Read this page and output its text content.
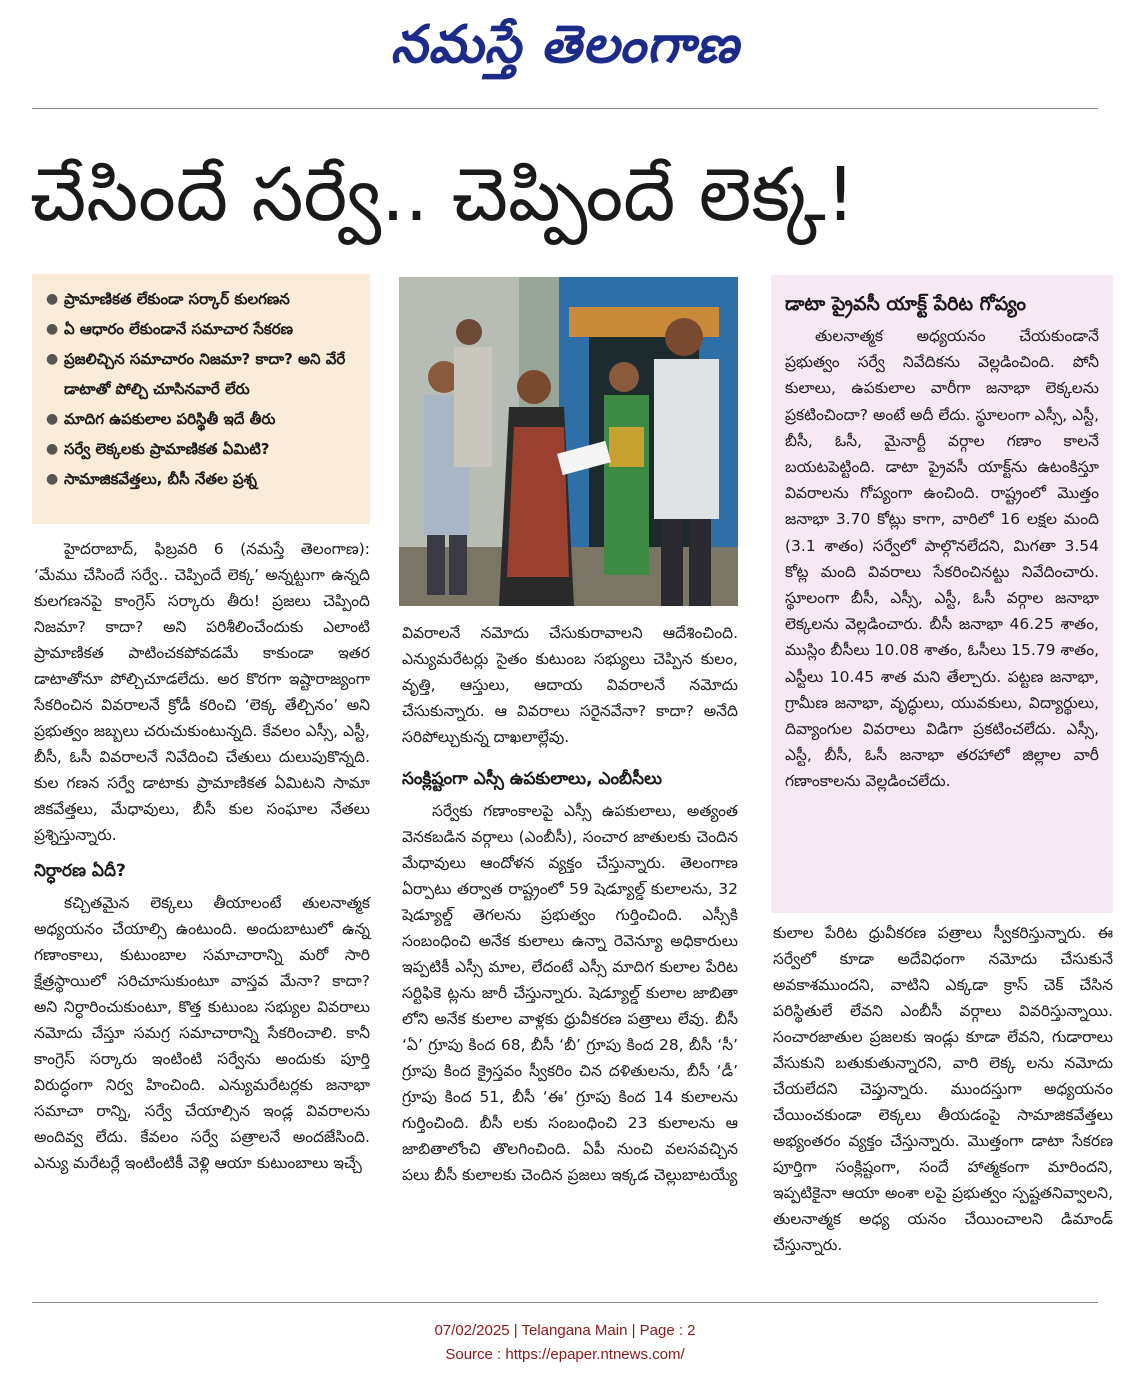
నమస్తే తెలంగాణ
చేసిందే సర్వే.. చెప్పిందే లెక్క!
● ప్రామాణికత లేకుండా సర్కార్ కులగణన
● ఏ ఆధారం లేకుండానే సమాచార సేకరణ
● ప్రజలిచ్చిన సమాచారం నిజమా? కాదా? అని వేరే డాటాతో పోల్చి చూసినవారే లేరు
● మాదిగ ఉపకులాల పరిస్థితీ ఇదే తీరు
● సర్వే లెక్కలకు ప్రామాణికత ఏమిటి?
● సామాజికవేత్తలు, బీసీ నేతల ప్రశ్న

హైదరాబాద్, ఫిబ్రవరి 6 (నమస్తే తెలంగాణ): ‘మేము చేసిందే సర్వే.. చెప్పిందే లెక్క’ అన్నట్టుగా ఉన్నది కులగణనపై కాంగ్రెస్ సర్కారు తీరు! ప్రజలు చెప్పింది నిజమా? కాదా? అని పరిశీలించేందుకు ఎలాంటి ప్రామాణికత పాటించకపోవడమే కాకుండా ఇతర డాటాతోనూ పోల్చిచూడలేదు. అర కొరగా ఇష్టారాజ్యంగా సేకరించిన వివరాలనే క్రోడీ కరించి ‘లెక్క తేల్చినం’ అని ప్రభుత్వం జబ్బలు చరుచుకుంటున్నది. కేవలం ఎస్సీ, ఎస్టీ, బీసీ, ఓసీ వివరాలనే నివేదించి చేతులు దులుపుకొన్నది. కుల గణన సర్వే డాటాకు ప్రామాణికత ఏమిటని సామా జికవేత్తలు, మేధావులు, బీసీ కుల సంఘాల నేతలు ప్రశ్నిస్తున్నారు.

నిర్ధారణ ఏదీ?

కచ్చితమైన లెక్కలు తీయాలంటే తులనాత్మక అధ్యయనం చేయాల్సి ఉంటుంది. అందుబాటులో ఉన్న గణాంకాలు, కుటుంబాల సమాచారాన్ని మరో సారి క్షేత్రస్థాయిలో సరిచూసుకుంటూ వాస్తవ మేనా? కాదా? అని నిర్ధారించుకుంటూ, కొత్త కుటుంబ సభ్యుల వివరాలు నమోదు చేస్తూ సమగ్ర సమాచారాన్ని సేకరించాలి. కానీ కాంగ్రెస్ సర్కారు ఇంటింటి సర్వేను అందుకు పూర్తి విరుద్ధంగా నిర్వ హించింది. ఎన్యుమరేటర్లకు జనాభా సమాచా రాన్ని, సర్వే చేయాల్సిన ఇండ్ల వివరాలను అందివ్వ లేదు. కేవలం సర్వే పత్రాలనే అందజేసింది. ఎన్యు మరేటర్లే ఇంటింటికీ వెళ్లి ఆయా కుటుంబాలు ఇచ్చే

వివరాలనే నమోదు చేసుకురావాలని ఆదేశించింది. ఎన్యుమరేటర్లు సైతం కుటుంబ సభ్యులు చెప్పిన కులం, వృత్తి, ఆస్తులు, ఆదాయ వివరాలనే నమోదు చేసుకున్నారు. ఆ వివరాలు సరైనవేనా? కాదా? అనేది సరిపోల్చుకున్న దాఖలాల్లేవు.

సంక్లిష్టంగా ఎస్సీ ఉపకులాలు, ఎంబీసీలు

సర్వేకు గణాంకాలపై ఎస్సీ ఉపకులాలు, అత్యంత వెనకబడిన వర్గాలు (ఎంబీసీ), సంచార జాతులకు చెందిన మేధావులు ఆందోళన వ్యక్తం చేస్తున్నారు. తెలంగాణ ఏర్పాటు తర్వాత రాష్ట్రంలో 59 షెడ్యూల్డ్ కులాలను, 32 షెడ్యూల్డ్ తెగలను ప్రభుత్వం గుర్తించింది. ఎస్సీకి సంబంధించి అనేక కులాలు ఉన్నా రెవెన్యూ అధికారులు ఇప్పటికీ ఎస్సీ మాల, లేదంటే ఎస్సీ మాదిగ కులాల పేరిట సర్టిఫికె ట్లను జారీ చేస్తున్నారు. షెడ్యూల్డ్ కులాల జాబితా లోని అనేక కులాల వాళ్లకు ధ్రువీకరణ పత్రాలు లేవు. బీసీ ‘ఏ’ గ్రూపు కింద 68, బీసీ ‘బీ’ గ్రూపు కింద 28, బీసీ ‘సీ’ గ్రూపు కింద క్రైస్తవం స్వీకరిం చిన దళితులను, బీసీ ‘డీ’ గ్రూపు కింద 51, బీసీ ‘ఈ’ గ్రూపు కింద 14 కులాలను గుర్తించింది. బీసీ లకు సంబంధించి 23 కులాలను ఆ జాబితాలోంచి తొలగించింది. ఏపీ నుంచి వలసవచ్చిన పలు బీసీ కులాలకు చెందిన ప్రజలు ఇక్కడ చెల్లుబాటయ్యే

డాటా ప్రైవసీ యాక్ట్ పేరిట గోప్యం

తులనాత్మక అధ్యయనం చేయకుండానే ప్రభుత్వం సర్వే నివేదికను వెల్లడించింది. పోనీ కులాలు, ఉపకులాల వారీగా జనాభా లెక్కలను ప్రకటించిందా? అంటే అదీ లేదు. స్థూలంగా ఎస్సీ, ఎస్టీ, బీసీ, ఓసీ, మైనార్టీ వర్గాల గణాం కాలనే బయటపెట్టింది. డాటా ప్రైవసీ యాక్ట్‌ను ఉటంకిస్తూ వివరాలను గోప్యంగా ఉంచింది. రాష్ట్రంలో మొత్తం జనాభా 3.70 కోట్లు కాగా, వారిలో 16 లక్షల మంది (3.1 శాతం) సర్వేలో పాల్గొనలేదని, మిగతా 3.54 కోట్ల మంది వివరాలు సేకరించినట్టు నివేదించారు. స్థూలంగా బీసీ, ఎస్సీ, ఎస్టీ, ఓసీ వర్గాల జనాభా లెక్కలను వెల్లడించారు. బీసీ జనాభా 46.25 శాతం, ముస్లిం బీసీలు 10.08 శాతం, ఓసీలు 15.79 శాతం, ఎస్టీలు 10.45 శాత మని తేల్చారు. పట్టణ జనాభా, గ్రామీణ జనాభా, వృద్ధులు, యువకులు, విద్యార్థులు, దివ్యాంగుల వివరాలు విడిగా ప్రకటించలేదు. ఎస్సీ, ఎస్టీ, బీసీ, ఓసీ జనాభా తరహాలో జిల్లాల వారీ గణాంకాలను వెల్లడించలేదు.

కులాల పేరిట ధ్రువీకరణ పత్రాలు స్వీకరిస్తున్నారు. ఈ సర్వేలో కూడా అదేవిధంగా నమోదు చేసుకునే అవకాశముందని, వాటిని ఎక్కడా క్రాస్ చెక్ చేసిన పరిస్థితులే లేవని ఎంబీసీ వర్గాలు వివరిస్తున్నాయి. సంచారజాతుల ప్రజలకు ఇండ్లు కూడా లేవని, గుడారాలు వేసుకుని బతుకుతున్నారని, వారి లెక్క లను నమోదు చేయలేదని చెప్తున్నారు. ముందస్తుగా అధ్యయనం చేయించకుండా లెక్కలు తీయడంపై సామాజికవేత్తలు అభ్యంతరం వ్యక్తం చేస్తున్నారు. మొత్తంగా డాటా సేకరణ పూర్తిగా సంక్లిష్టంగా, సందే హాత్మకంగా మారిందని, ఇప్పటికైనా ఆయా అంశా లపై ప్రభుత్వం స్పష్టతనివ్వాలని, తులనాత్మక అధ్య యనం చేయించాలని డిమాండ్ చేస్తున్నారు.

07/02/2025 | Telangana Main | Page : 2
Source : https://epaper.ntnews.com/
